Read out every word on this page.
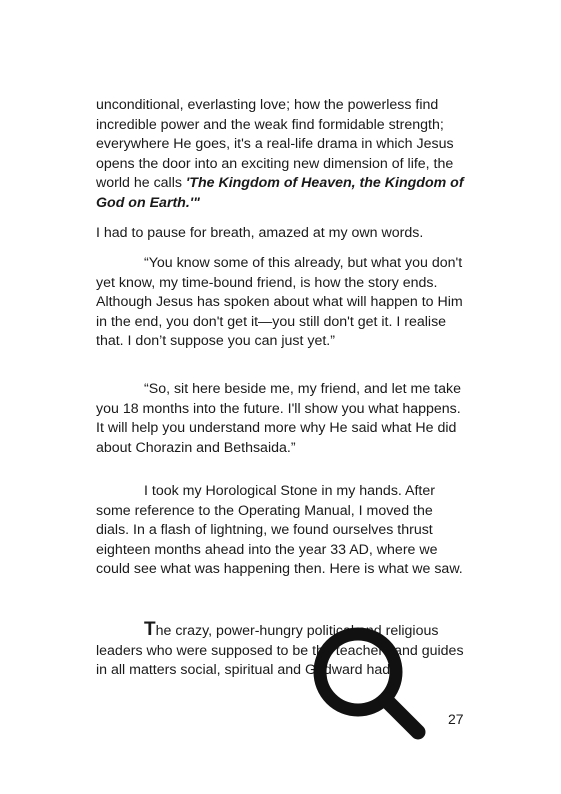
unconditional, everlasting love; how the powerless find incredible power and the weak find formidable strength; everywhere He goes, it's a real-life drama in which Jesus opens the door into an exciting new dimension of life, the world he calls 'The Kingdom of Heaven, the Kingdom of God on Earth.'"

I had to pause for breath, amazed at my own words.

“You know some of this already, but what you don't yet know, my time-bound friend, is how the story ends. Although Jesus has spoken about what will happen to Him in the end, you don't get it—you still don't get it. I realise that. I don’t suppose you can just yet.”

“So, sit here beside me, my friend, and let me take you 18 months into the future. I'll show you what happens. It will help you understand more why He said what He did about Chorazin and Bethsaida.”

I took my Horological Stone in my hands. After some reference to the Operating Manual, I moved the dials. In a flash of lightning, we found ourselves thrust eighteen months ahead into the year 33 AD, where we could see what was happening then. Here is what we saw.

The crazy, power-hungry political and religious leaders who were supposed to be the teachers and guides in all matters social, spiritual and Godward had

27
